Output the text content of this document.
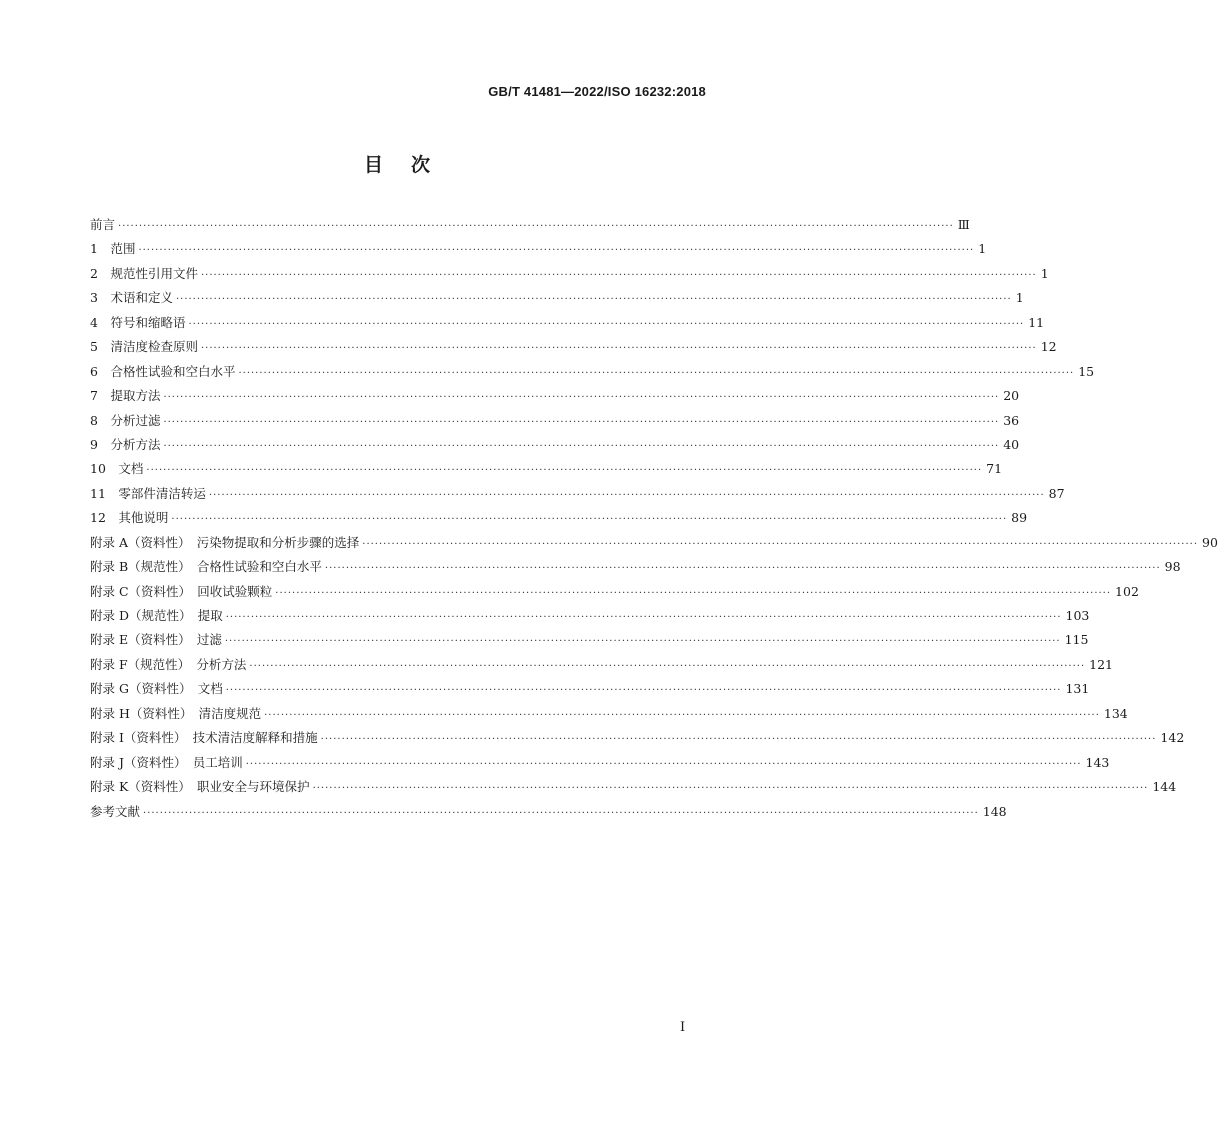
GB/T 41481—2022/ISO 16232:2018
目 次
前言 ········································································································································································································ Ⅲ
1　范围 ········································································································································································································ 1
2　规范性引用文件 ········································································································································································································ 1
3　术语和定义 ········································································································································································································ 1
4　符号和缩略语 ········································································································································································································ 11
5　清洁度检查原则 ········································································································································································································ 12
6　合格性试验和空白水平 ········································································································································································································ 15
7　提取方法 ········································································································································································································ 20
8　分析过滤 ········································································································································································································ 36
9　分析方法 ········································································································································································································ 40
10　文档 ········································································································································································································ 71
11　零部件清洁转运 ········································································································································································································ 87
12　其他说明 ········································································································································································································ 89
附录 A（资料性）　污染物提取和分析步骤的选择 ········································································································································································································ 90
附录 B（规范性）　合格性试验和空白水平 ········································································································································································································ 98
附录 C（资料性）　回收试验颗粒 ········································································································································································································ 102
附录 D（规范性）　提取 ········································································································································································································ 103
附录 E（资料性）　过滤 ········································································································································································································ 115
附录 F（规范性）　分析方法 ········································································································································································································ 121
附录 G（资料性）　文档 ········································································································································································································ 131
附录 H（资料性）　清洁度规范 ········································································································································································································ 134
附录 I（资料性）　技术清洁度解释和措施 ········································································································································································································ 142
附录 J（资料性）　员工培训 ········································································································································································································ 143
附录 K（资料性）　职业安全与环境保护 ········································································································································································································ 144
参考文献 ········································································································································································································ 148
I
